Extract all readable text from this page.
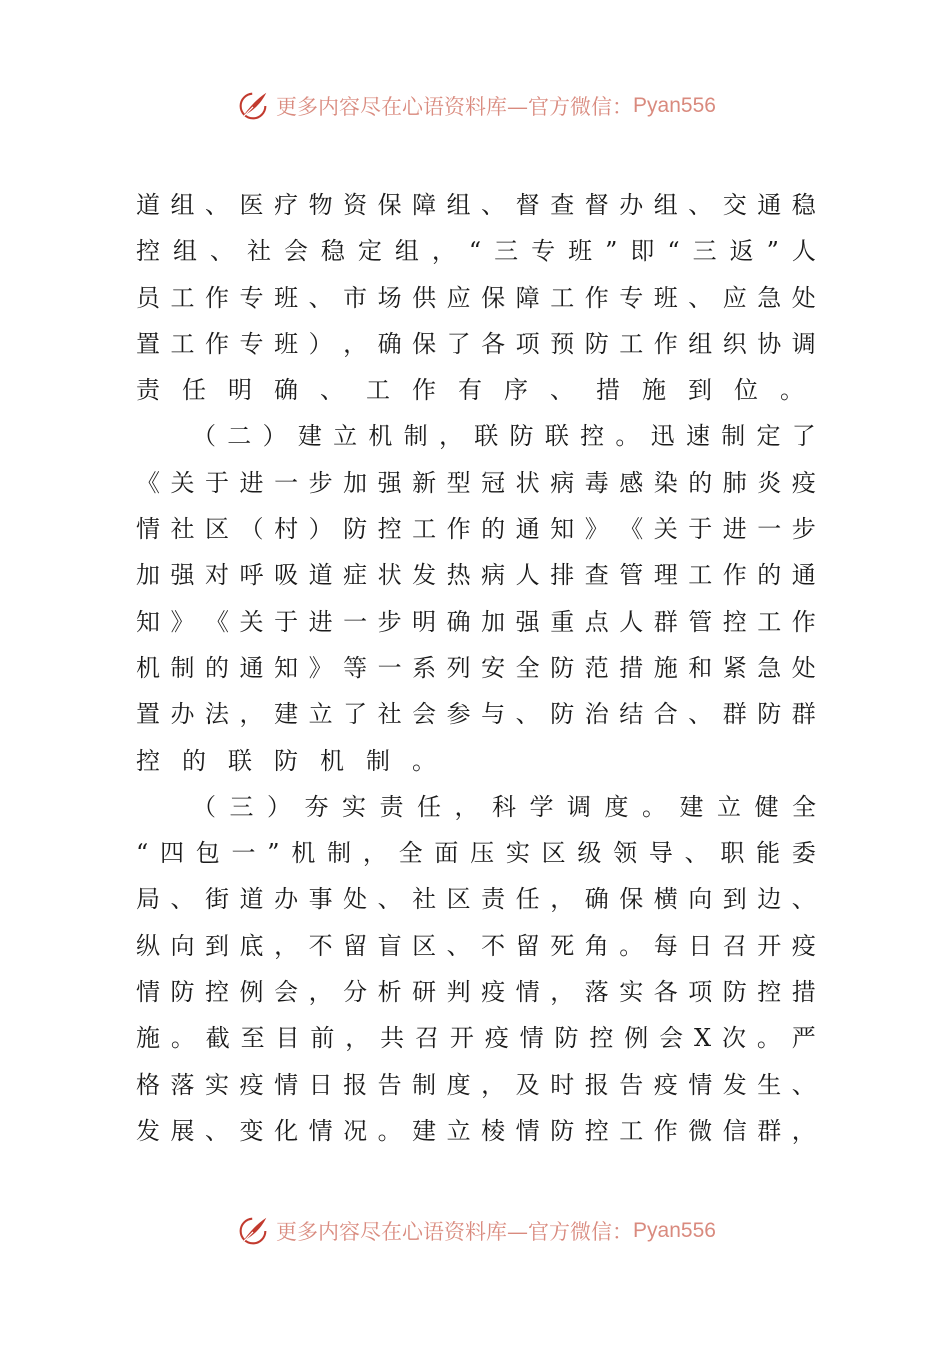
更多内容尽在心语资料库—官方微信： Pyan556
道 组 、 医 疗 物 资 保 障 组 、 督 查 督 办 组 、 交 通 稳
控 组 、 社 会 稳 定 组 ， “ 三 专 班 ” 即 “ 三 返 ” 人
员 工 作 专 班 、 市 场 供 应 保 障 工 作 专 班 、 应 急 处
置 工 作 专 班 ） ， 确 保 了 各 项 预 防 工 作 组 织 协 调
责 任 明 确 、 工 作 有 序 、 措 施 到 位 。
（ 二 ） 建 立 机 制 ， 联 防 联 控 。 迅 速 制 定 了
《 关 于 进 一 步 加 强 新 型 冠 状 病 毒 感 染 的 肺 炎 疫
情 社 区 （ 村 ） 防 控 工 作 的 通 知 》 《 关 于 进 一 步
加 强 对 呼 吸 道 症 状 发 热 病 人 排 查 管 理 工 作 的 通
知 》 《 关 于 进 一 步 明 确 加 强 重 点 人 群 管 控 工 作
机 制 的 通 知 》 等 一 系 列 安 全 防 范 措 施 和 紧 急 处
置 办 法 ， 建 立 了 社 会 参 与 、 防 治 结 合 、 群 防 群
控 的 联 防 机 制 。
（ 三 ） 夯 实 责 任 ， 科 学 调 度 。 建 立 健 全
“ 四 包 一 ” 机 制 ， 全 面 压 实 区 级 领 导 、 职 能 委
局 、 街 道 办 事 处 、 社 区 责 任 ， 确 保 横 向 到 边 、
纵 向 到 底 ， 不 留 盲 区 、 不 留 死 角 。 每 日 召 开 疫
情 防 控 例 会 ， 分 析 研 判 疫 情 ， 落 实 各 项 防 控 措
施 。 截 至 目 前 ， 共 召 开 疫 情 防 控 例 会 X 次 。 严
格 落 实 疫 情 日 报 告 制 度 ， 及 时 报 告 疫 情 发 生 、
发 展 、 变 化 情 况 。 建 立 棱 情 防 控 工 作 微 信 群 ，
更多内容尽在心语资料库—官方微信： Pyan556
